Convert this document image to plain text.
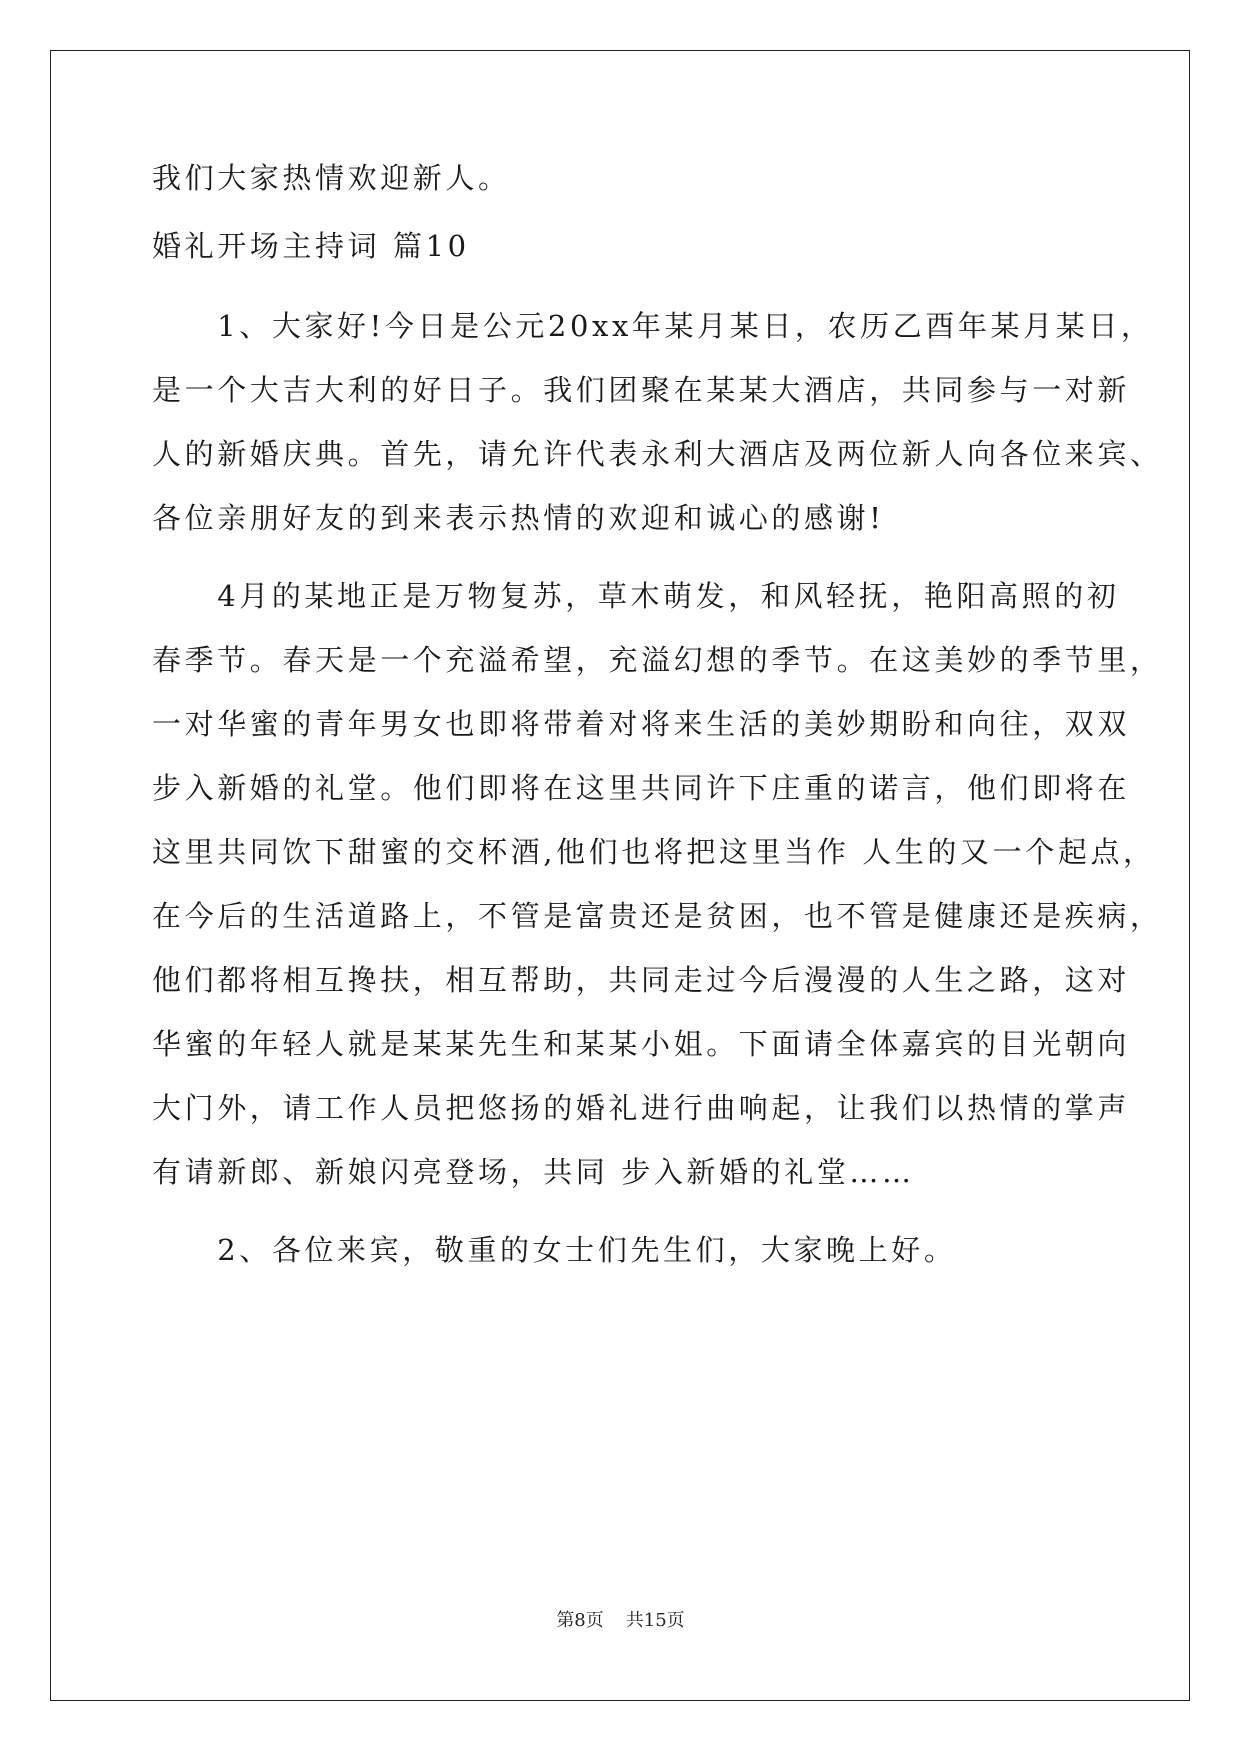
我们大家热情欢迎新人。
婚礼开场主持词 篇10
　　1、大家好!今日是公元20xx年某月某日，农历乙酉年某月某日，
是一个大吉大利的好日子。我们团聚在某某大酒店，共同参与一对新
人的新婚庆典。首先，请允许代表永利大酒店及两位新人向各位来宾、
各位亲朋好友的到来表示热情的欢迎和诚心的感谢!
　　4月的某地正是万物复苏，草木萌发，和风轻抚，艳阳高照的初
春季节。春天是一个充溢希望，充溢幻想的季节。在这美妙的季节里，
一对华蜜的青年男女也即将带着对将来生活的美妙期盼和向往，双双
步入新婚的礼堂。他们即将在这里共同许下庄重的诺言，他们即将在
这里共同饮下甜蜜的交杯酒,他们也将把这里当作 人生的又一个起点，
在今后的生活道路上，不管是富贵还是贫困，也不管是健康还是疾病，
他们都将相互搀扶，相互帮助，共同走过今后漫漫的人生之路，这对
华蜜的年轻人就是某某先生和某某小姐。下面请全体嘉宾的目光朝向
大门外，请工作人员把悠扬的婚礼进行曲响起，让我们以热情的掌声
有请新郎、新娘闪亮登场，共同 步入新婚的礼堂……
　　2、各位来宾，敬重的女士们先生们，大家晚上好。
第8页 共15页
